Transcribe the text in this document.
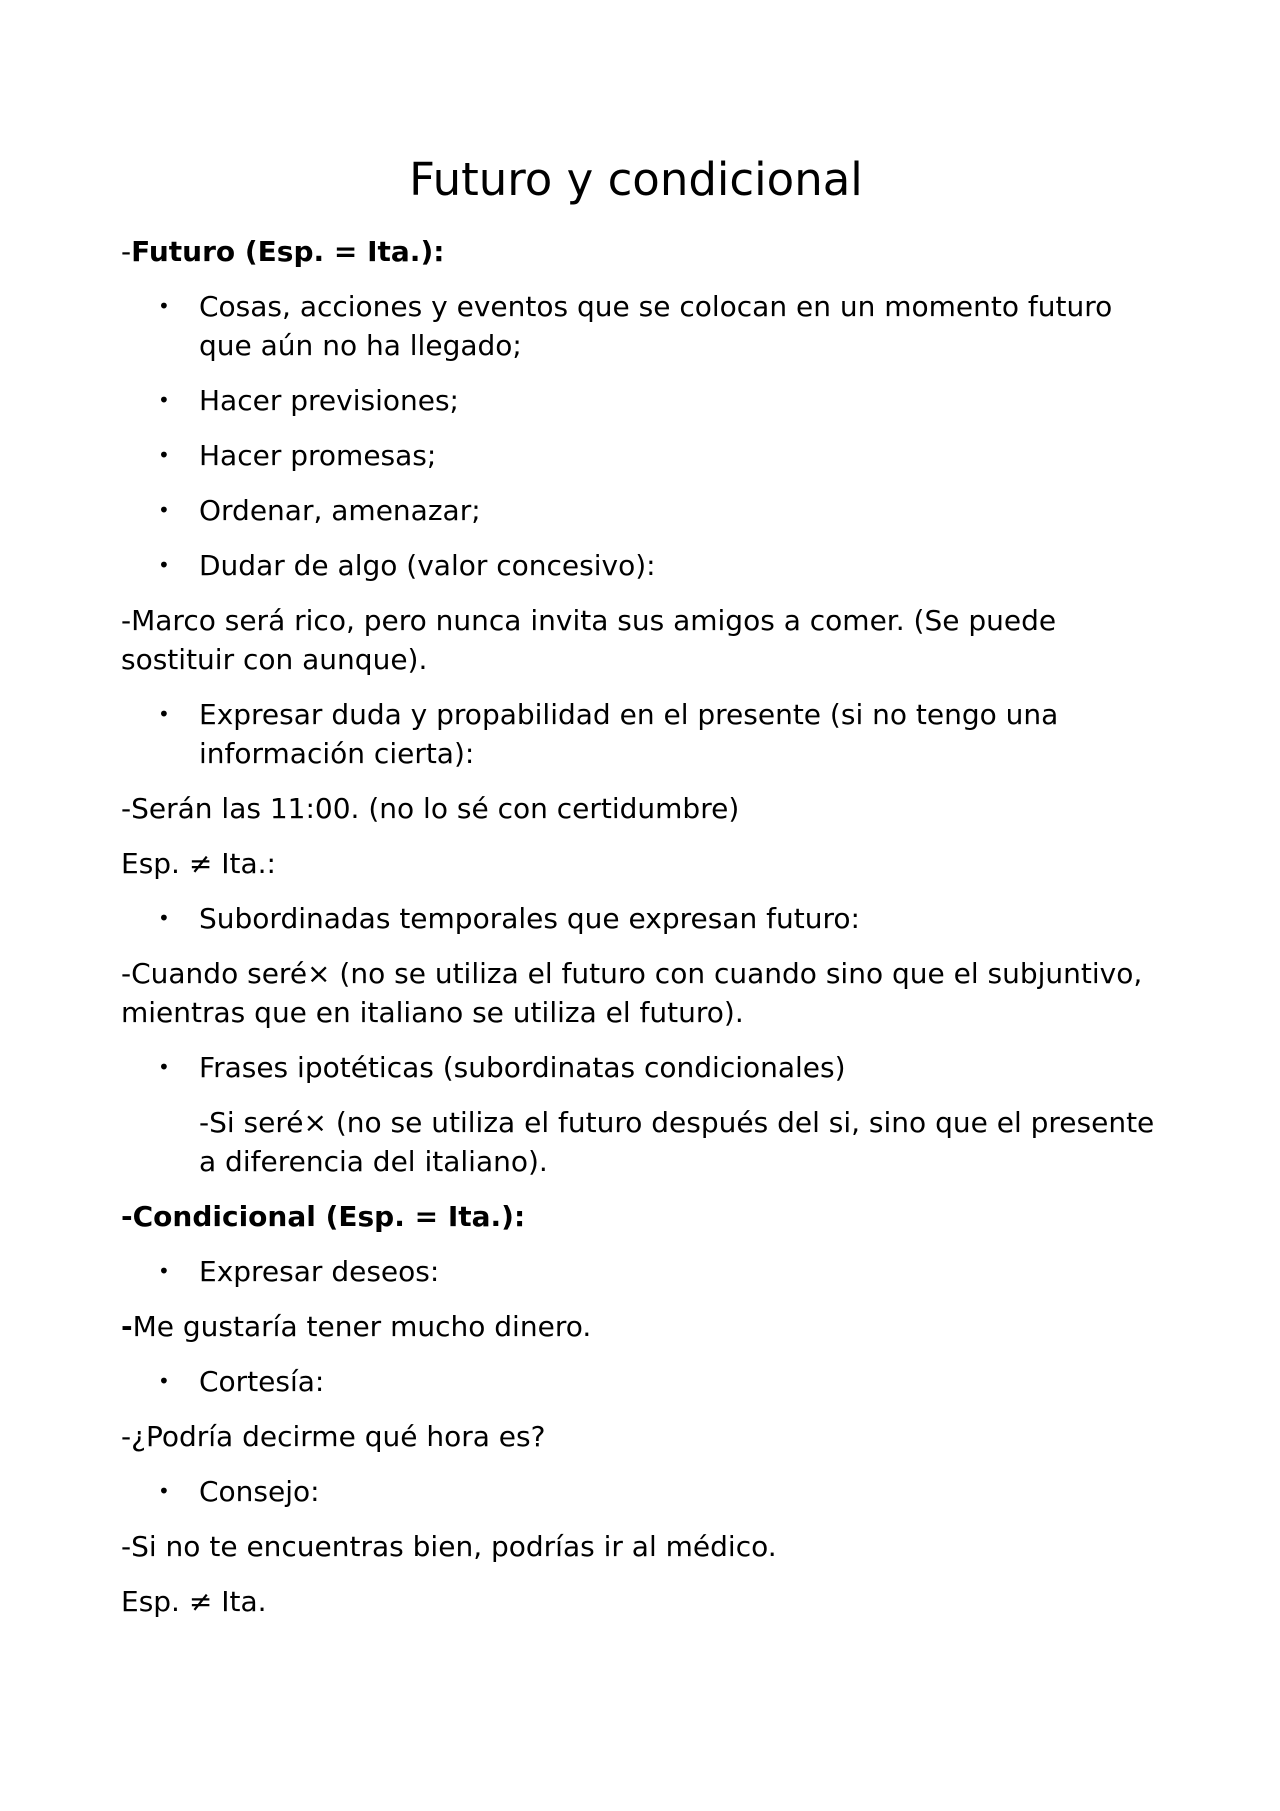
Futuro y condicional

-Futuro (Esp. = Ita.):

• Cosas, acciones y eventos que se colocan en un momento futuro que aún no ha llegado;
• Hacer previsiones;
• Hacer promesas;
• Ordenar, amenazar;
• Dudar de algo (valor concesivo):

-Marco será rico, pero nunca invita sus amigos a comer. (Se puede sostituir con aunque).

• Expresar duda y propabilidad en el presente (si no tengo una información cierta):

-Serán las 11:00. (no lo sé con certidumbre)

Esp. ≠ Ita.:

• Subordinadas temporales que expresan futuro:

-Cuando seré× (no se utiliza el futuro con cuando sino que el subjuntivo, mientras que en italiano se utiliza el futuro).

• Frases ipotéticas (subordinatas condicionales)

-Si seré× (no se utiliza el futuro después del si, sino que el presente a diferencia del italiano).

-Condicional (Esp. = Ita.):

• Expresar deseos:

-Me gustaría tener mucho dinero.

• Cortesía:

-¿Podría decirme qué hora es?

• Consejo:

-Si no te encuentras bien, podrías ir al médico.

Esp. ≠ Ita.
